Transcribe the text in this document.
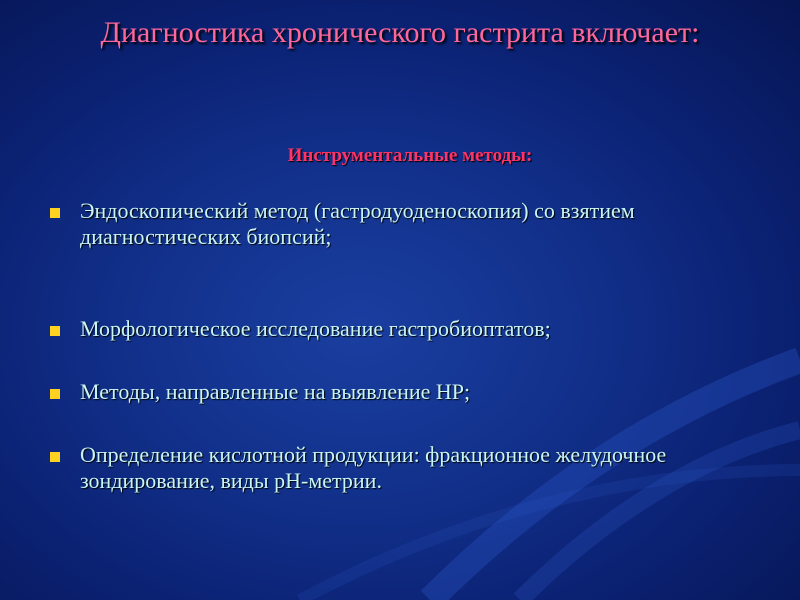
Диагностика хронического гастрита включает:
Инструментальные методы:
Эндоскопический метод (гастродуоденоскопия) со взятием диагностических биопсий;
Морфологическое исследование гастробиоптатов;
Методы, направленные на выявление HP;
Определение кислотной продукции: фракционное желудочное зондирование, виды рН-метрии.
